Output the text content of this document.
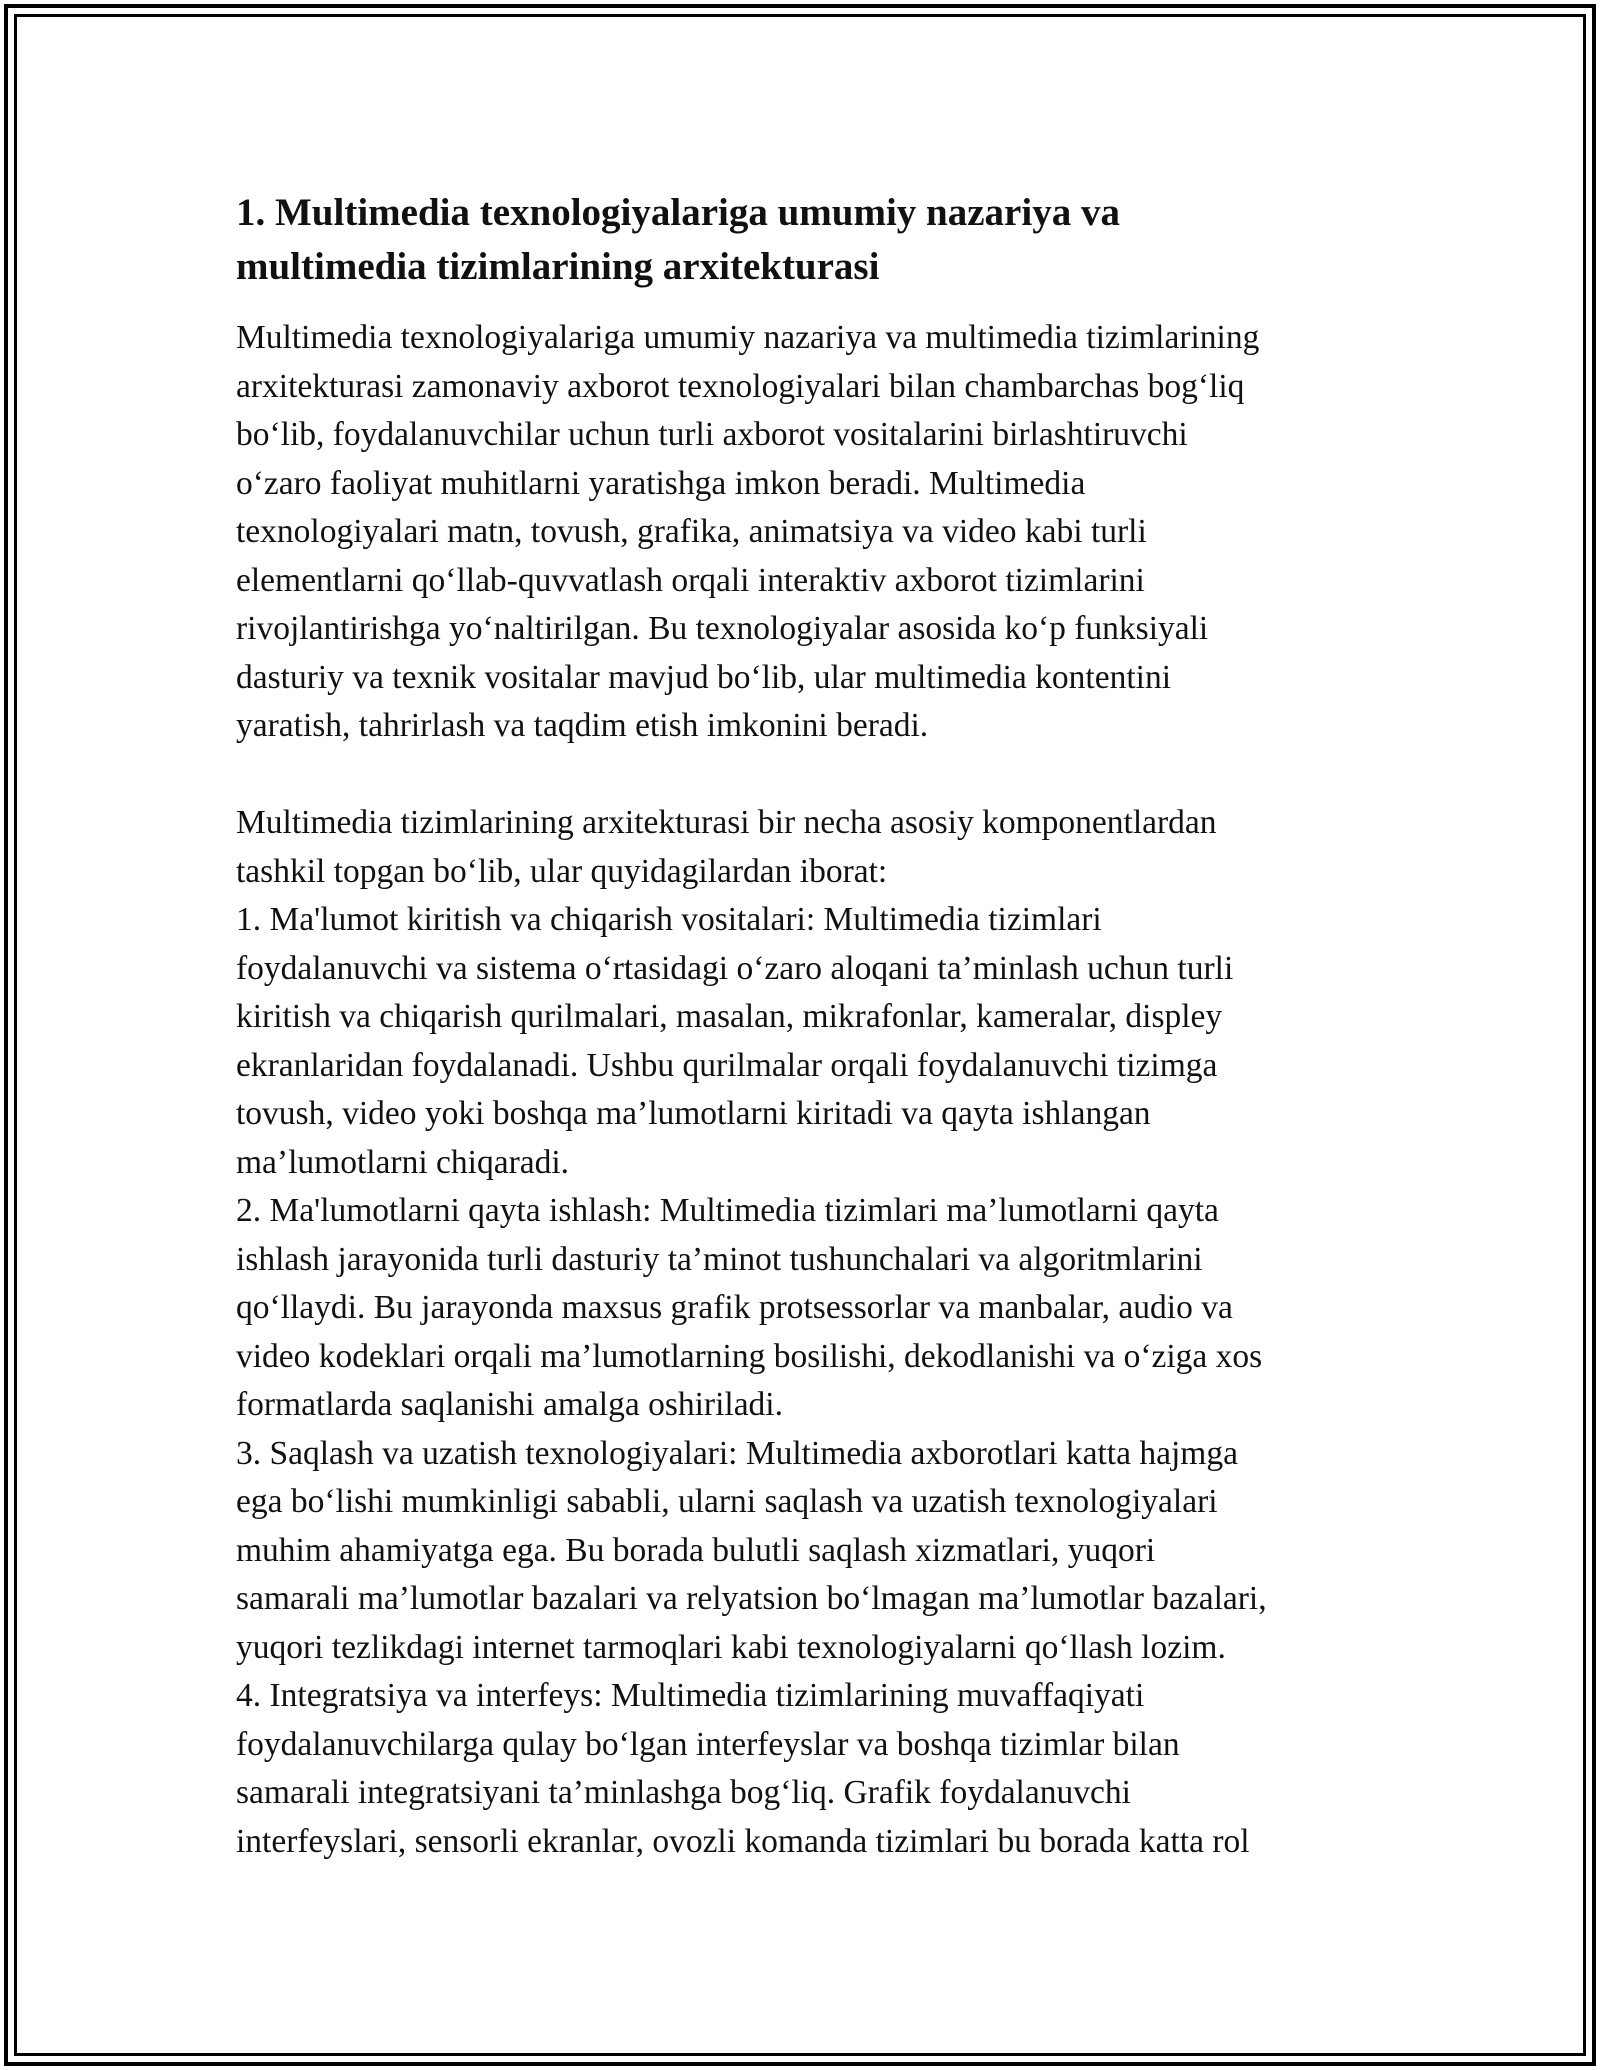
1. Multimedia texnologiyalariga umumiy nazariya va
multimedia tizimlarining arxitekturasi

Multimedia texnologiyalariga umumiy nazariya va multimedia tizimlarining
arxitekturasi zamonaviy axborot texnologiyalari bilan chambarchas bog‘liq
bo‘lib, foydalanuvchilar uchun turli axborot vositalarini birlashtiruvchi
o‘zaro faoliyat muhitlarni yaratishga imkon beradi. Multimedia
texnologiyalari matn, tovush, grafika, animatsiya va video kabi turli
elementlarni qo‘llab-quvvatlash orqali interaktiv axborot tizimlarini
rivojlantirishga yo‘naltirilgan. Bu texnologiyalar asosida ko‘p funksiyali
dasturiy va texnik vositalar mavjud bo‘lib, ular multimedia kontentini
yaratish, tahrirlash va taqdim etish imkonini beradi.

Multimedia tizimlarining arxitekturasi bir necha asosiy komponentlardan
tashkil topgan bo‘lib, ular quyidagilardan iborat:
1. Ma'lumot kiritish va chiqarish vositalari: Multimedia tizimlari
foydalanuvchi va sistema o‘rtasidagi o‘zaro aloqani ta’minlash uchun turli
kiritish va chiqarish qurilmalari, masalan, mikrafonlar, kameralar, displey
ekranlaridan foydalanadi. Ushbu qurilmalar orqali foydalanuvchi tizimga
tovush, video yoki boshqa ma’lumotlarni kiritadi va qayta ishlangan
ma’lumotlarni chiqaradi.
2. Ma'lumotlarni qayta ishlash: Multimedia tizimlari ma’lumotlarni qayta
ishlash jarayonida turli dasturiy ta’minot tushunchalari va algoritmlarini
qo‘llaydi. Bu jarayonda maxsus grafik protsessorlar va manbalar, audio va
video kodeklari orqali ma’lumotlarning bosilishi, dekodlanishi va o‘ziga xos
formatlarda saqlanishi amalga oshiriladi.
3. Saqlash va uzatish texnologiyalari: Multimedia axborotlari katta hajmga
ega bo‘lishi mumkinligi sababli, ularni saqlash va uzatish texnologiyalari
muhim ahamiyatga ega. Bu borada bulutli saqlash xizmatlari, yuqori
samarali ma’lumotlar bazalari va relyatsion bo‘lmagan ma’lumotlar bazalari,
yuqori tezlikdagi internet tarmoqlari kabi texnologiyalarni qo‘llash lozim.
4. Integratsiya va interfeys: Multimedia tizimlarining muvaffaqiyati
foydalanuvchilarga qulay bo‘lgan interfeyslar va boshqa tizimlar bilan
samarali integratsiyani ta’minlashga bog‘liq. Grafik foydalanuvchi
interfeyslari, sensorli ekranlar, ovozli komanda tizimlari bu borada katta rol
